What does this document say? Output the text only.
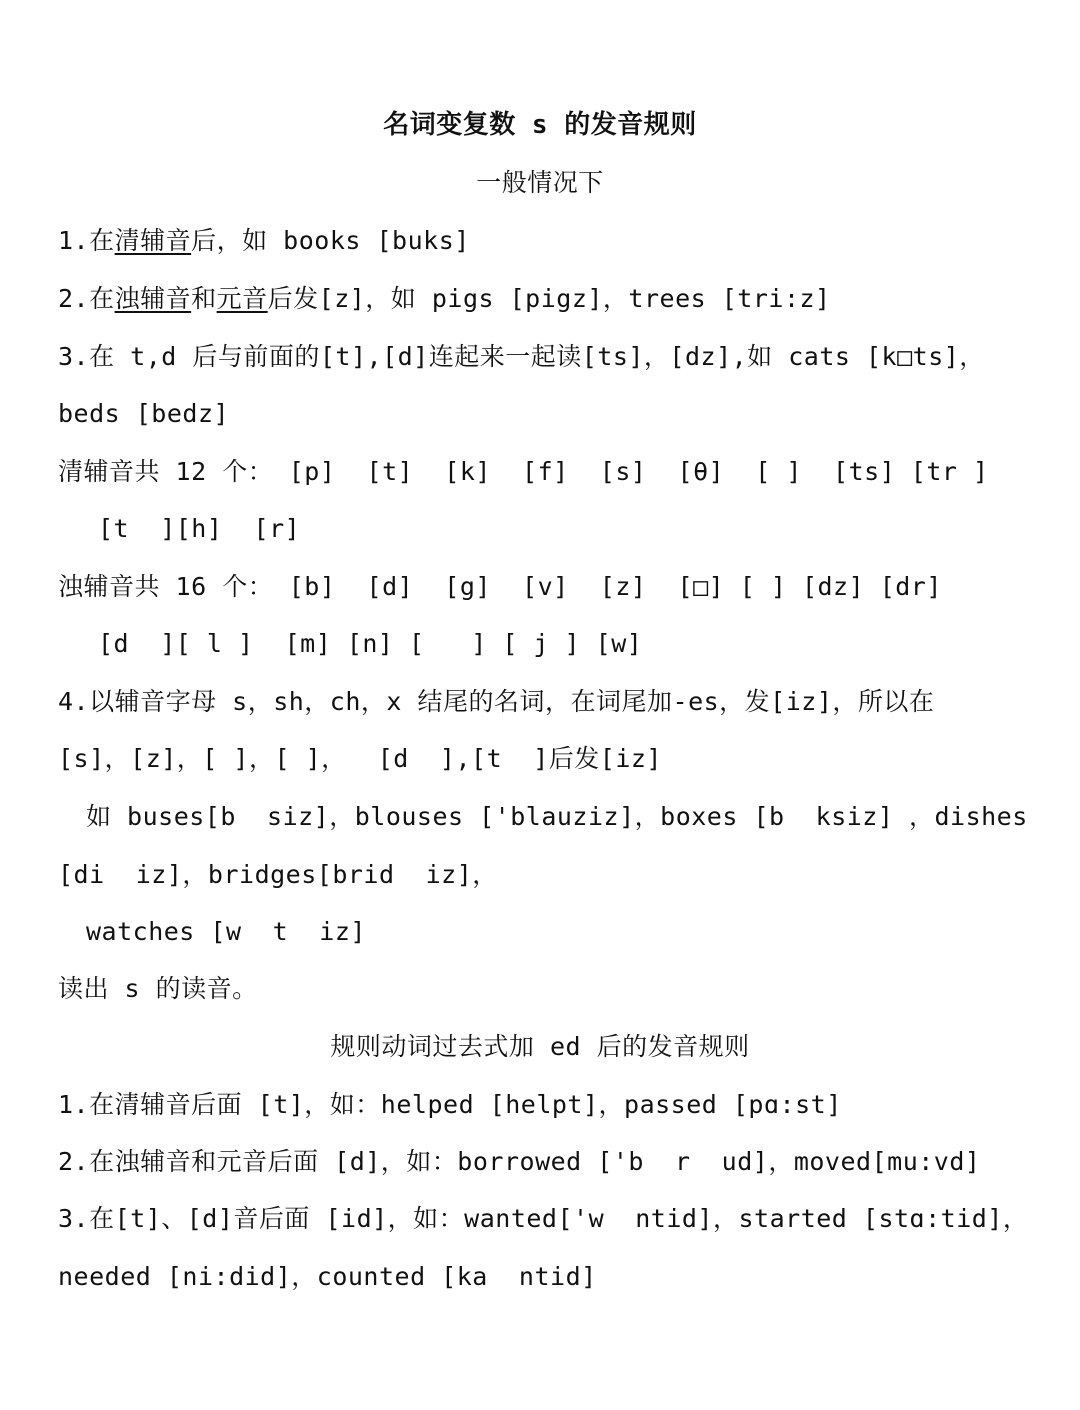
名词变复数 s 的发音规则
一般情况下
1.在清辅音后，如 books [buks]
2.在浊辅音和元音后发[z]，如 pigs [pigz]，trees [tri:z]
3.在 t,d 后与前面的[t],[d]连起来一起读[ts]，[dz],如 cats [k□ts]，
beds [bedz]
清辅音共 12 个： [p]  [t]  [k]  [f]  [s]  [θ]  [ ]  [ts] [tr ]
[t  ][h]  [r]
浊辅音共 16 个： [b]  [d]  [g]  [v]  [z]  [□] [ ] [dz] [dr]
[d  ][ l ]  [m] [n] [   ] [ j ] [w]
4.以辅音字母 s，sh，ch，x 结尾的名词，在词尾加-es，发[iz]，所以在
[s]，[z]，[ ]，[ ]，  [d  ],[t  ]后发[iz]
如 buses[b  siz]，blouses ['blauziz]，boxes [b  ksiz] ，dishes
[di  iz]，bridges[brid  iz]，
watches [w  t  iz]
读出 s 的读音。
规则动词过去式加 ed 后的发音规则
1.在清辅音后面 [t]，如：helped [helpt]，passed [pɑ:st]
2.在浊辅音和元音后面 [d]，如：borrowed ['b  r  ud]，moved[mu:vd]
3.在[t]、[d]音后面 [id]，如：wanted['w  ntid]，started [stɑ:tid]，
needed [ni:did]，counted [ka  ntid]
